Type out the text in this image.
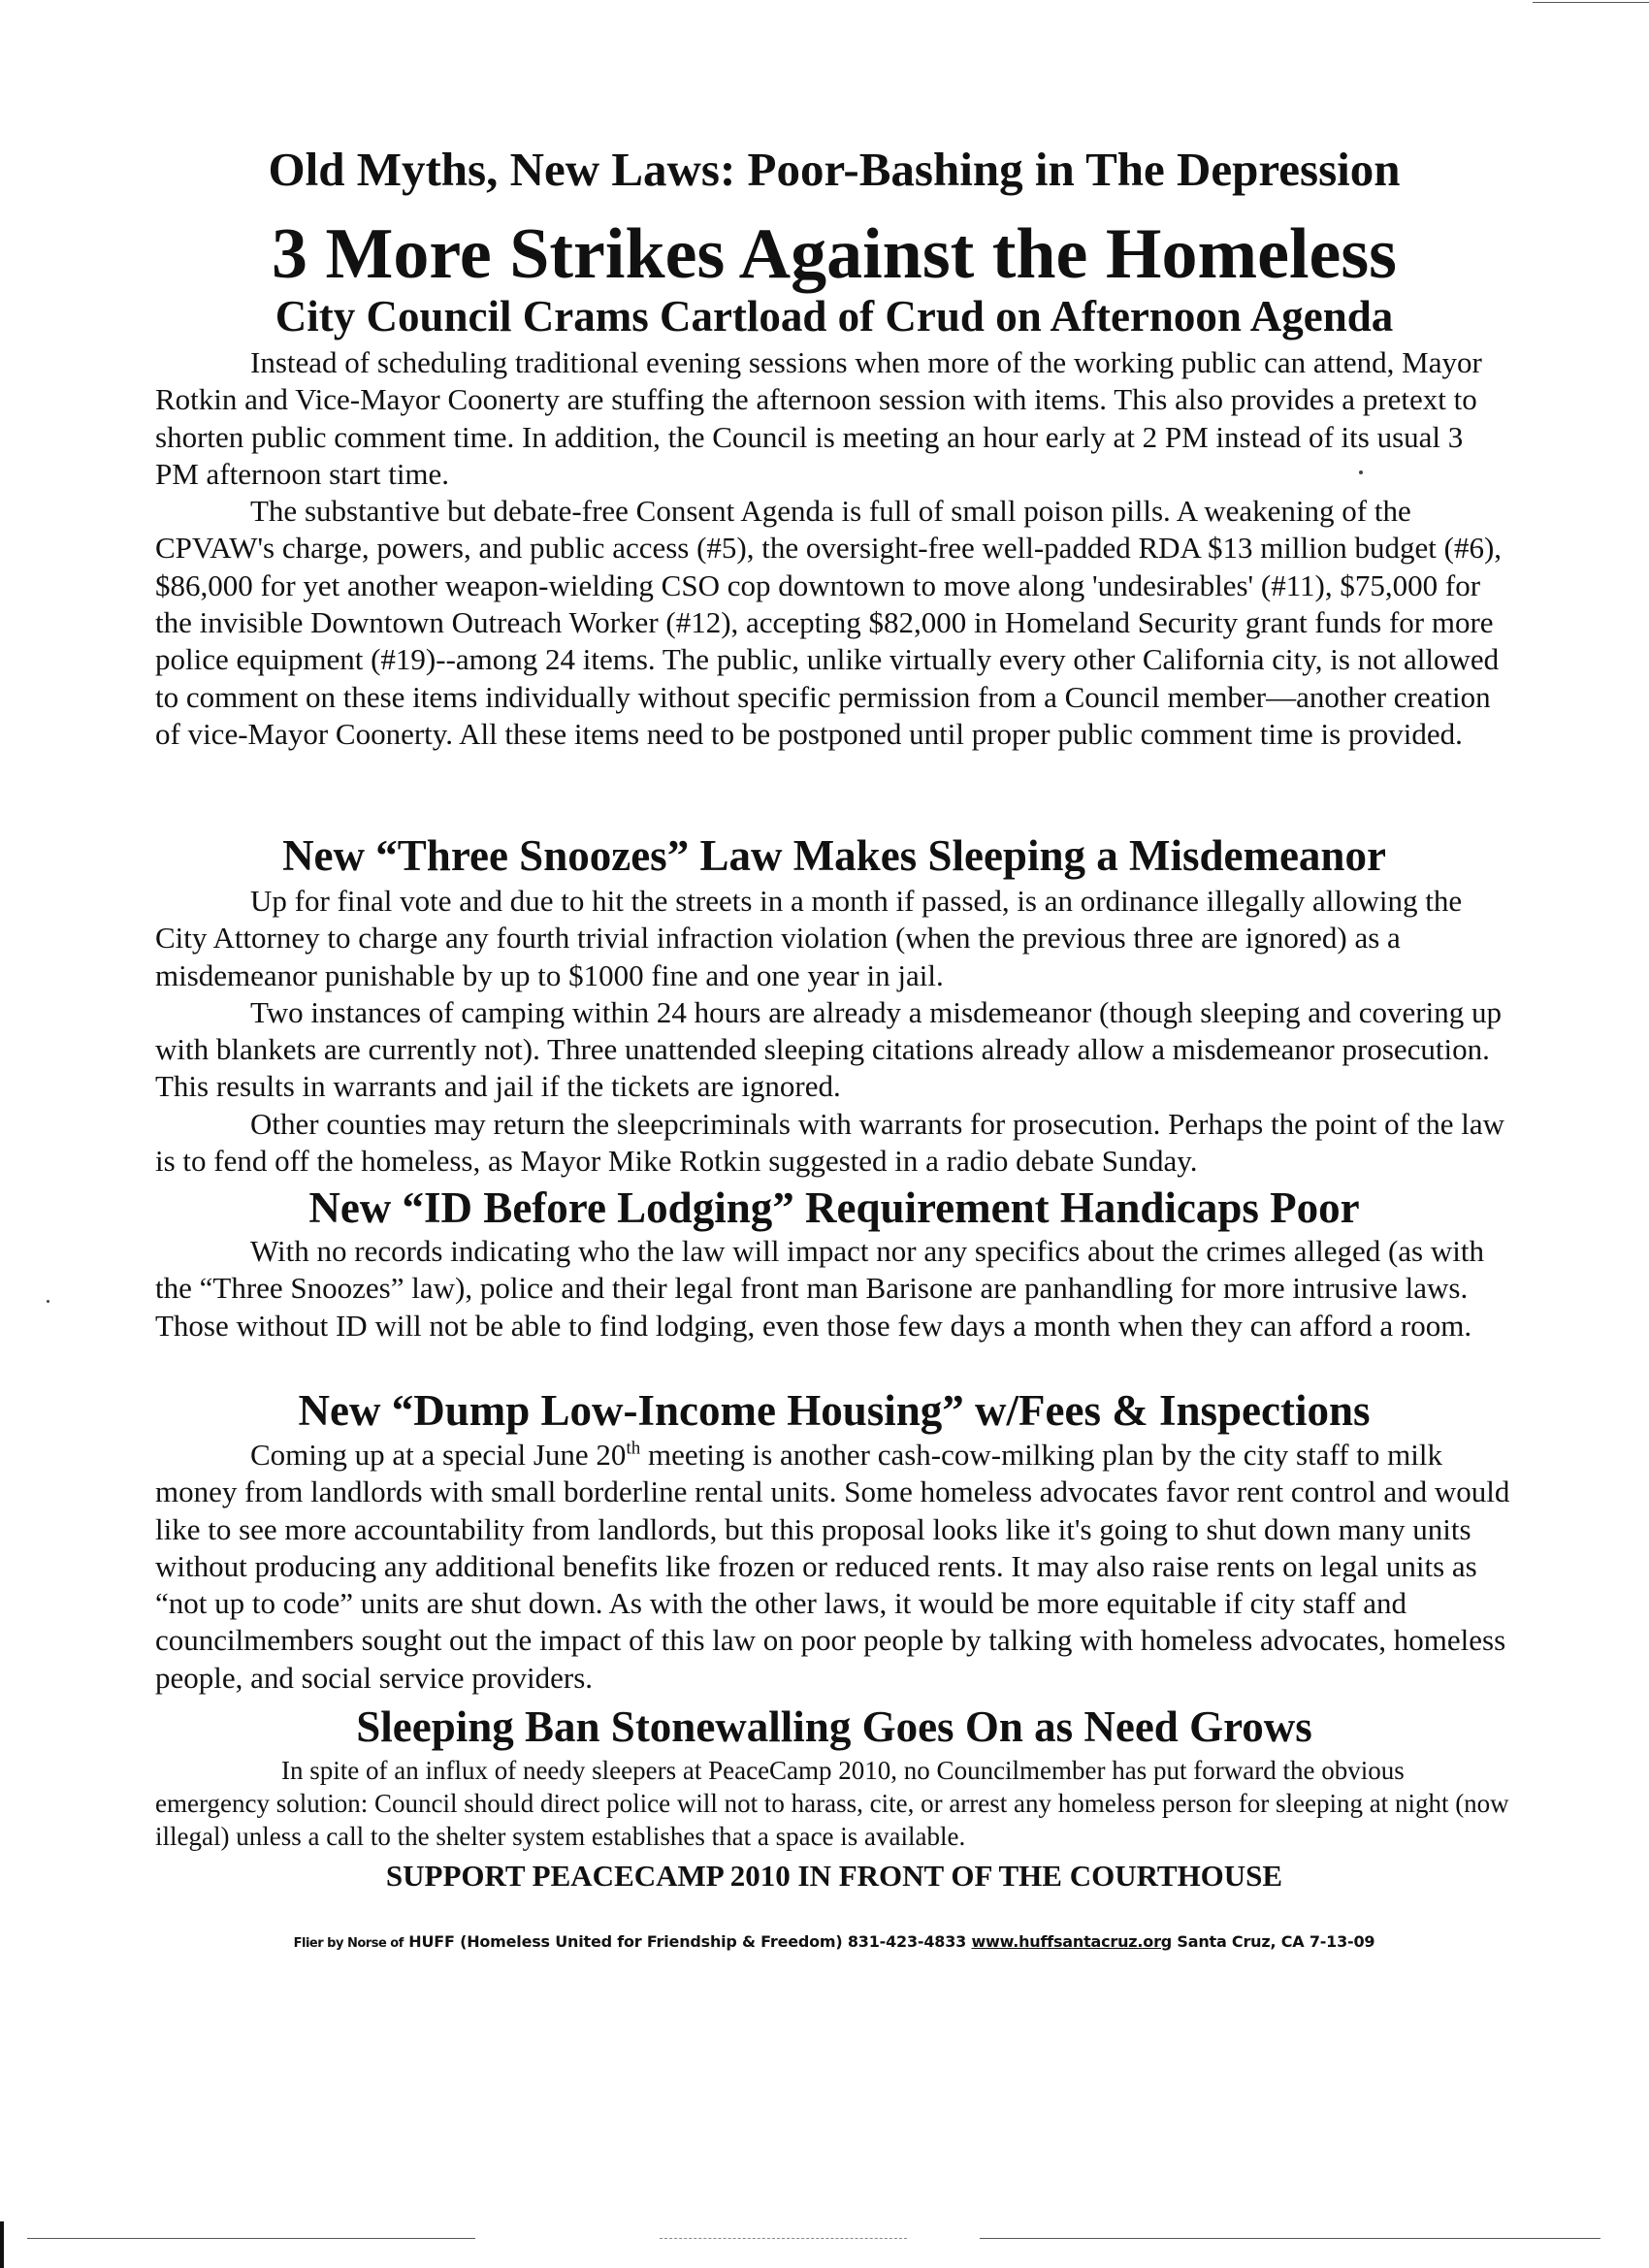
Old Myths, New Laws: Poor-Bashing in The Depression
3 More Strikes Against the Homeless
City Council Crams Cartload of Crud on Afternoon Agenda

Instead of scheduling traditional evening sessions when more of the working public can attend, Mayor Rotkin and Vice-Mayor Coonerty are stuffing the afternoon session with items. This also provides a pretext to shorten public comment time. In addition, the Council is meeting an hour early at 2 PM instead of its usual 3 PM afternoon start time.

The substantive but debate-free Consent Agenda is full of small poison pills. A weakening of the CPVAW's charge, powers, and public access (#5), the oversight-free well-padded RDA $13 million budget (#6), $86,000 for yet another weapon-wielding CSO cop downtown to move along 'undesirables' (#11), $75,000 for the invisible Downtown Outreach Worker (#12), accepting $82,000 in Homeland Security grant funds for more police equipment (#19)--among 24 items. The public, unlike virtually every other California city, is not allowed to comment on these items individually without specific permission from a Council member—another creation of vice-Mayor Coonerty. All these items need to be postponed until proper public comment time is provided.

New “Three Snoozes” Law Makes Sleeping a Misdemeanor

Up for final vote and due to hit the streets in a month if passed, is an ordinance illegally allowing the City Attorney to charge any fourth trivial infraction violation (when the previous three are ignored) as a misdemeanor punishable by up to $1000 fine and one year in jail.

Two instances of camping within 24 hours are already a misdemeanor (though sleeping and covering up with blankets are currently not). Three unattended sleeping citations already allow a misdemeanor prosecution. This results in warrants and jail if the tickets are ignored.

Other counties may return the sleepcriminals with warrants for prosecution. Perhaps the point of the law is to fend off the homeless, as Mayor Mike Rotkin suggested in a radio debate Sunday.

New “ID Before Lodging” Requirement Handicaps Poor

With no records indicating who the law will impact nor any specifics about the crimes alleged (as with the “Three Snoozes” law), police and their legal front man Barisone are panhandling for more intrusive laws. Those without ID will not be able to find lodging, even those few days a month when they can afford a room.

New “Dump Low-Income Housing” w/Fees & Inspections

Coming up at a special June 20th meeting is another cash-cow-milking plan by the city staff to milk money from landlords with small borderline rental units. Some homeless advocates favor rent control and would like to see more accountability from landlords, but this proposal looks like it's going to shut down many units without producing any additional benefits like frozen or reduced rents. It may also raise rents on legal units as “not up to code” units are shut down. As with the other laws, it would be more equitable if city staff and councilmembers sought out the impact of this law on poor people by talking with homeless advocates, homeless people, and social service providers.

Sleeping Ban Stonewalling Goes On as Need Grows

In spite of an influx of needy sleepers at PeaceCamp 2010, no Councilmember has put forward the obvious emergency solution: Council should direct police will not to harass, cite, or arrest any homeless person for sleeping at night (now illegal) unless a call to the shelter system establishes that a space is available.

SUPPORT PEACECAMP 2010 IN FRONT OF THE COURTHOUSE
Flier by Norse of HUFF (Homeless United for Friendship & Freedom) 831-423-4833 www.huffsantacruz.org Santa Cruz, CA 7-13-09
